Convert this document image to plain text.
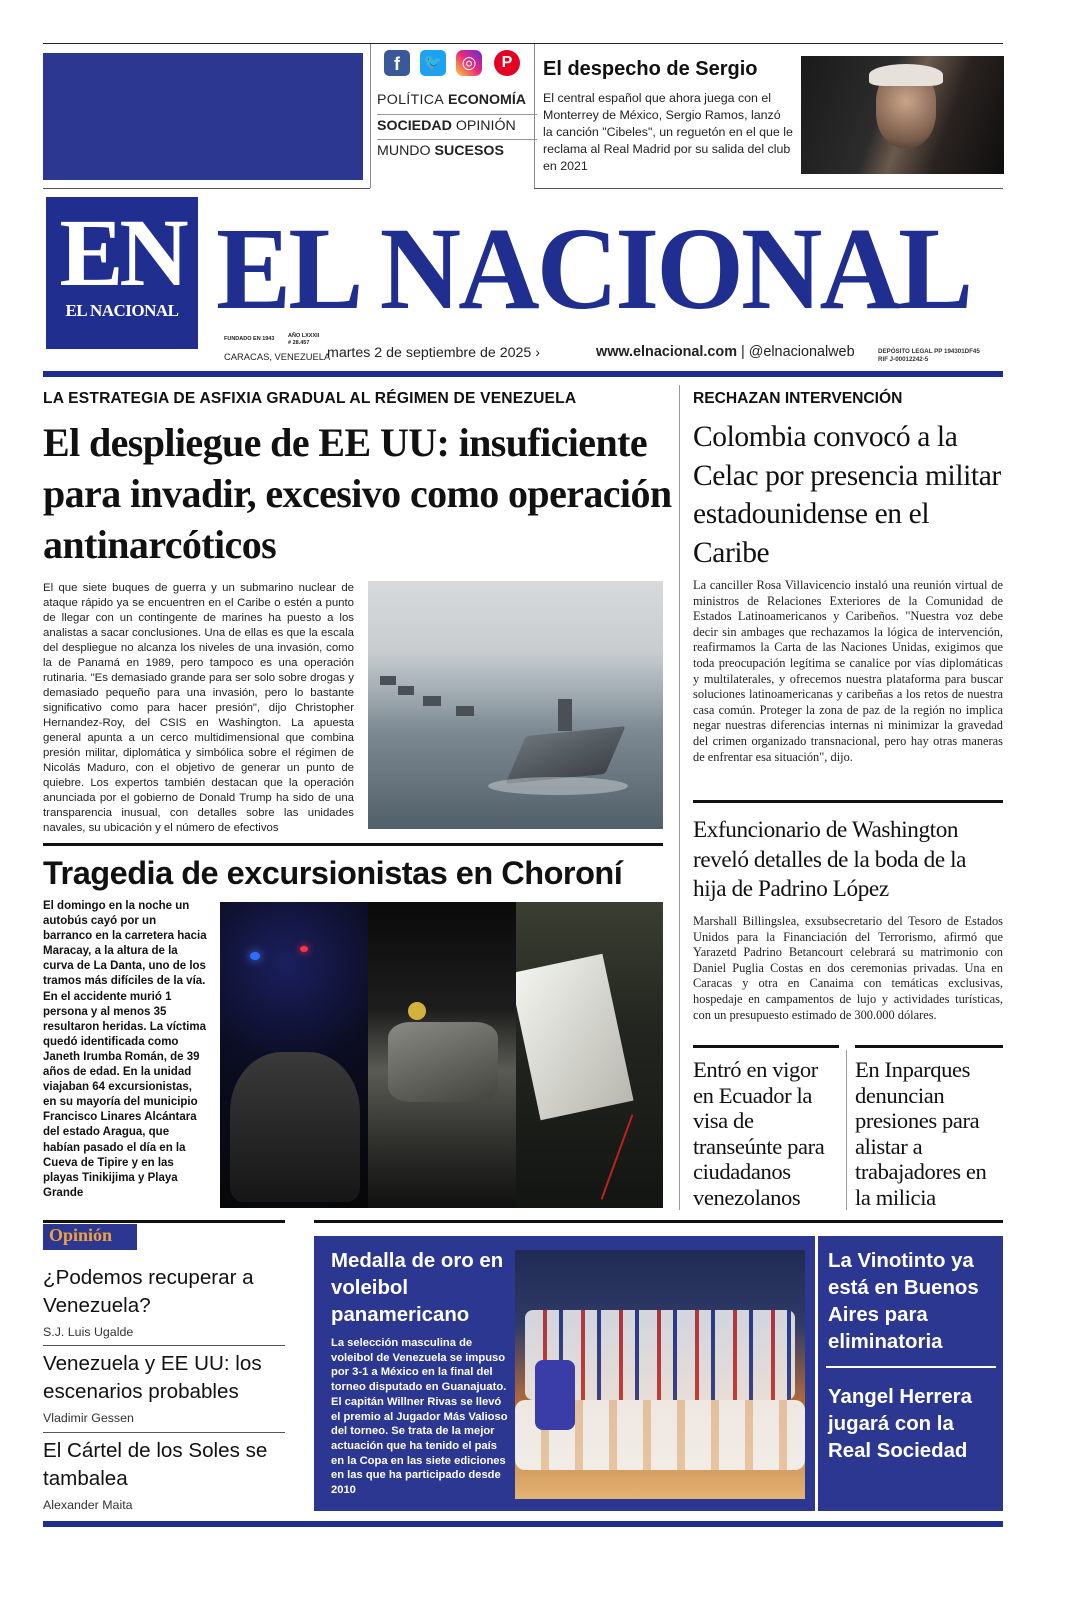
f	🐦	◎	P
POLÍTICA ECONOMÍA
SOCIEDAD OPINIÓN
MUNDO SUCESOS
El despecho de Sergio
El central español que ahora juega con el Monterrey de México, Sergio Ramos, lanzó la canción "Cibeles", un reguetón en el que le reclama al Real Madrid por su salida del club en 2021
EN
EL NACIONAL EL NACIONAL
FUNDADO EN 1943 AÑO LXXXII
# 28.457
CARACAS, VENEZUELA
martes 2 de septiembre de 2025 ›	www.elnacional.com | @elnacionalweb	DEPÓSITO LEGAL PP 194301DF45
RIF J-00012242-5
LA ESTRATEGIA DE ASFIXIA GRADUAL AL RÉGIMEN DE VENEZUELA
El despliegue de EE UU: insuficiente para invadir, excesivo como operación antinarcóticos
El que siete buques de guerra y un submarino nuclear de ataque rápido ya se encuentren en el Caribe o estén a punto de llegar con un contingente de marines ha puesto a los analistas a sacar conclusiones. Una de ellas es que la escala del despliegue no alcanza los niveles de una invasión, como la de Panamá en 1989, pero tampoco es una operación rutinaria. "Es demasiado grande para ser solo sobre drogas y demasiado pequeño para una invasión, pero lo bastante significativo como para hacer presión", dijo Christopher Hernandez-Roy, del CSIS en Washington. La apuesta general apunta a un cerco multidimensional que combina presión militar, diplomática y simbólica sobre el régimen de Nicolás Maduro, con el objetivo de generar un punto de quiebre. Los expertos también destacan que la operación anunciada por el gobierno de Donald Trump ha sido de una transparencia inusual, con detalles sobre las unidades navales, su ubicación y el número de efectivos
Tragedia de excursionistas en Choroní
El domingo en la noche un autobús cayó por un barranco en la carretera hacia Maracay, a la altura de la curva de La Danta, uno de los tramos más difíciles de la vía. En el accidente murió 1 persona y al menos 35 resultaron heridas. La víctima quedó identificada como Janeth Irumba Román, de 39 años de edad. En la unidad viajaban 64 excursionistas, en su mayoría del municipio Francisco Linares Alcántara del estado Aragua, que habían pasado el día en la Cueva de Tipire y en las playas Tinikijima y Playa Grande
RECHAZAN INTERVENCIÓN
Colombia convocó a la Celac por presencia militar estadounidense en el Caribe
La canciller Rosa Villavicencio instaló una reunión virtual de ministros de Relaciones Exteriores de la Comunidad de Estados Latinoamericanos y Caribeños. "Nuestra voz debe decir sin ambages que rechazamos la lógica de intervención, reafirmamos la Carta de las Naciones Unidas, exigimos que toda preocupación legítima se canalice por vías diplomáticas y multilaterales, y ofrecemos nuestra plataforma para buscar soluciones latinoamericanas y caribeñas a los retos de nuestra casa común. Proteger la zona de paz de la región no implica negar nuestras diferencias internas ni minimizar la gravedad del crimen organizado transnacional, pero hay otras maneras de enfrentar esa situación", dijo.
Exfuncionario de Washington reveló detalles de la boda de la hija de Padrino López
Marshall Billingslea, exsubsecretario del Tesoro de Estados Unidos para la Financiación del Terrorismo, afirmó que Yarazetd Padrino Betancourt celebrará su matrimonio con Daniel Puglia Costas en dos ceremonias privadas. Una en Caracas y otra en Canaima con temáticas exclusivas, hospedaje en campamentos de lujo y actividades turísticas, con un presupuesto estimado de 300.000 dólares.
Entró en vigor en Ecuador la visa de transeúnte para ciudadanos venezolanos
En Inparques denuncian presiones para alistar a trabajadores en la milicia
Opinión
¿Podemos recuperar a Venezuela?
S.J. Luis Ugalde
Venezuela y EE UU: los escenarios probables
Vladimir Gessen
El Cártel de los Soles se tambalea
Alexander Maita
Medalla de oro en voleibol panamericano
La selección masculina de voleibol de Venezuela se impuso por 3-1 a México en la final del torneo disputado en Guanajuato. El capitán Willner Rivas se llevó el premio al Jugador Más Valioso del torneo. Se trata de la mejor actuación que ha tenido el país en la Copa en las siete ediciones en las que ha participado desde 2010
La Vinotinto ya está en Buenos Aires para eliminatoria
Yangel Herrera jugará con la Real Sociedad
